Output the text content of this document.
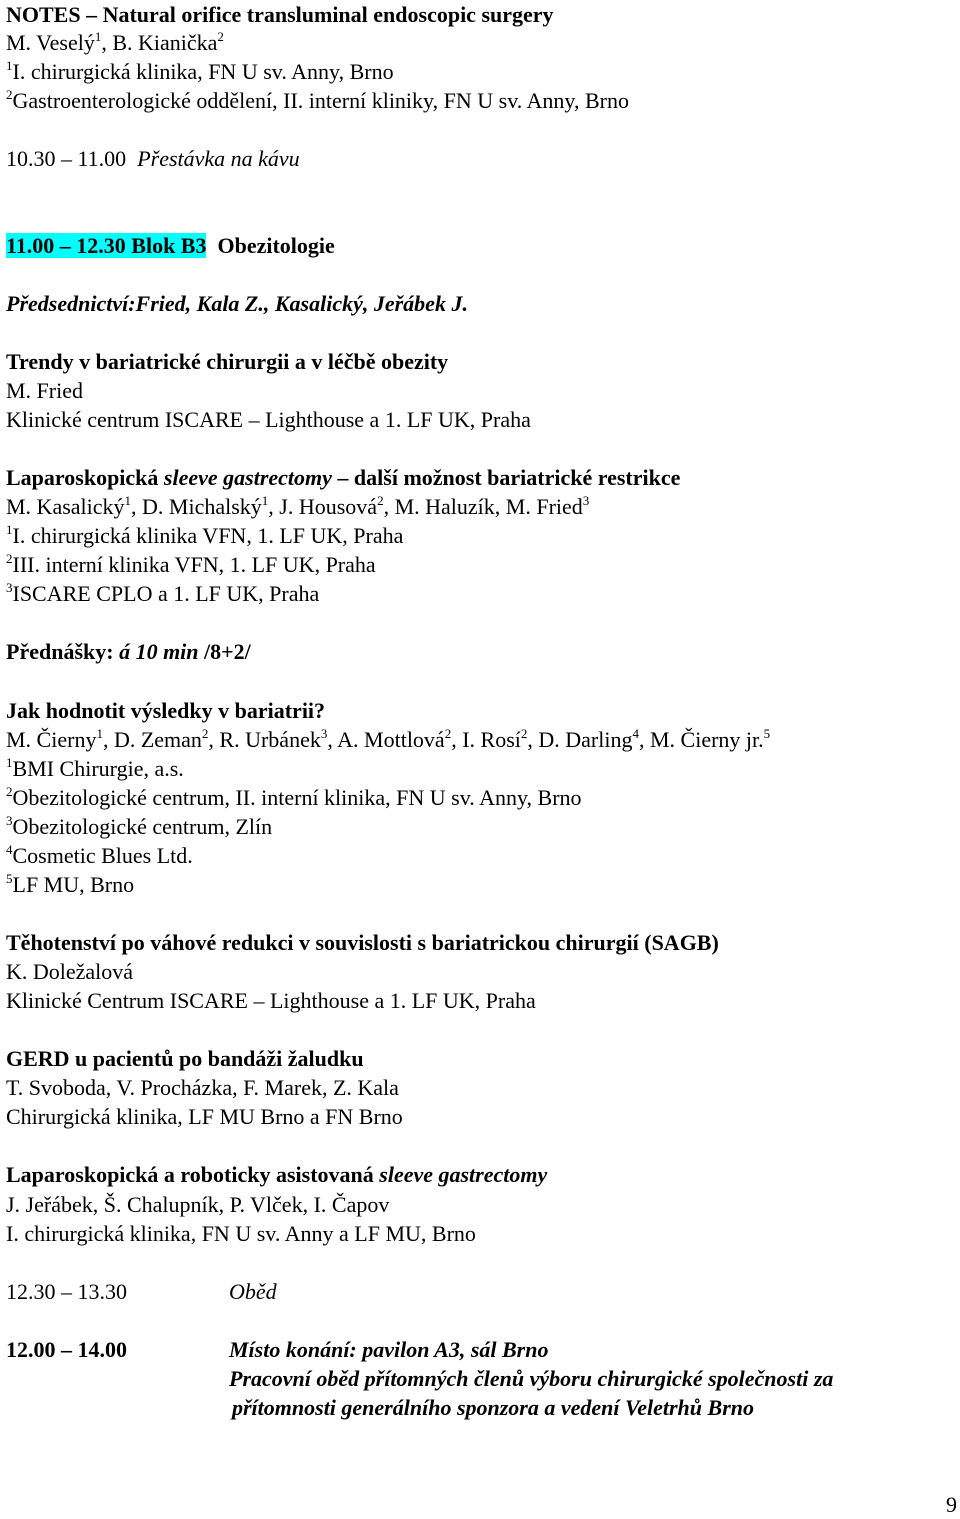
NOTES – Natural orifice transluminal endoscopic surgery
M. Veselý$^1$, B. Kianička$^2$
$^1$I. chirurgická klinika, FN U sv. Anny, Brno
$^2$Gastroenterologické oddělení, II. interní kliniky, FN U sv. Anny, Brno
10.30 – 11.00 Přestávka na kávu
11.00 – 12.30 Blok B3 Obezitologie
Předsednictví:Fried, Kala Z., Kasalický, Jeřábek J.
Trendy v bariatrické chirurgii a v léčbě obezity
M. Fried
Klinické centrum ISCARE – Lighthouse a 1. LF UK, Praha
Laparoskopická sleeve gastrectomy – další možnost bariatrické restrikce
M. Kasalický$^1$, D. Michalský$^1$, J. Housová$^2$, M. Haluzík, M. Fried$^3$
$^1$I. chirurgická klinika VFN, 1. LF UK, Praha
$^2$III. interní klinika VFN, 1. LF UK, Praha
$^3$ISCARE CPLO a 1. LF UK, Praha
Přednášky: á 10 min /8+2/
Jak hodnotit výsledky v bariatrii?
M. Čierny$^1$, D. Zeman$^2$, R. Urbánek$^3$, A. Mottlová$^2$, I. Rosí$^2$, D. Darling$^4$, M. Čierny jr.$^5$
$^1$BMI Chirurgie, a.s.
$^2$Obezitologické centrum, II. interní klinika, FN U sv. Anny, Brno
$^3$Obezitologické centrum, Zlín
$^4$Cosmetic Blues Ltd.
$^5$LF MU, Brno
Těhotenství po váhové redukci v souvislosti s bariatrickou chirurgií (SAGB)
K. Doležalová
Klinické Centrum ISCARE – Lighthouse a 1. LF UK, Praha
GERD u pacientů po bandáži žaludku
T. Svoboda, V. Procházka, F. Marek, Z. Kala
Chirurgická klinika, LF MU Brno a FN Brno
Laparoskopická a roboticky asistovaná sleeve gastrectomy
J. Jeřábek, Š. Chalupník, P. Vlček, I. Čapov
I. chirurgická klinika, FN U sv. Anny a LF MU, Brno
12.30 – 13.30	Oběd
12.00 – 14.00	Místo konání: pavilon A3, sál Brno
Pracovní oběd přítomných členů výboru chirurgické společnosti za
přítomnosti generálního sponzora a vedení Veletrhů Brno
9
